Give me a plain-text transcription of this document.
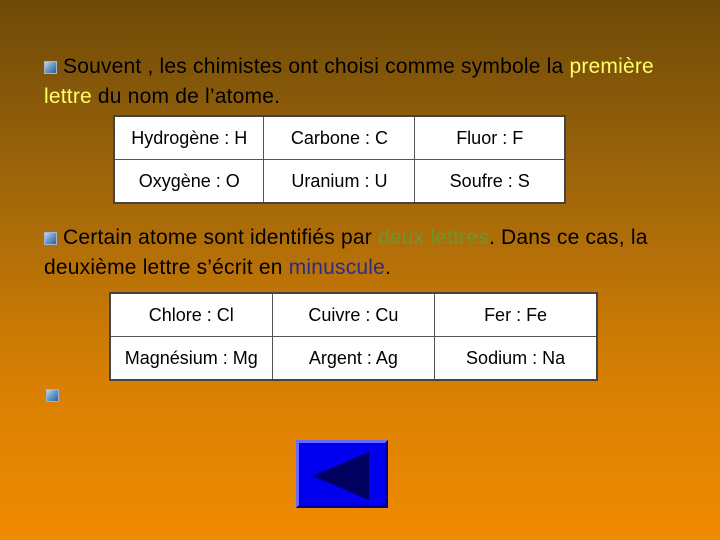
Souvent , les chimistes ont choisi comme symbole la première lettre du nom de l’atome.
Hydrogène : H	Carbone : C	Fluor : F
Oxygène : O	Uranium : U	Soufre : S
Certain atome sont identifiés par deux lettres. Dans ce cas, la deuxième lettre s’écrit en minuscule.
Chlore : Cl	Cuivre : Cu	Fer : Fe
Magnésium : Mg	Argent : Ag	Sodium : Na
